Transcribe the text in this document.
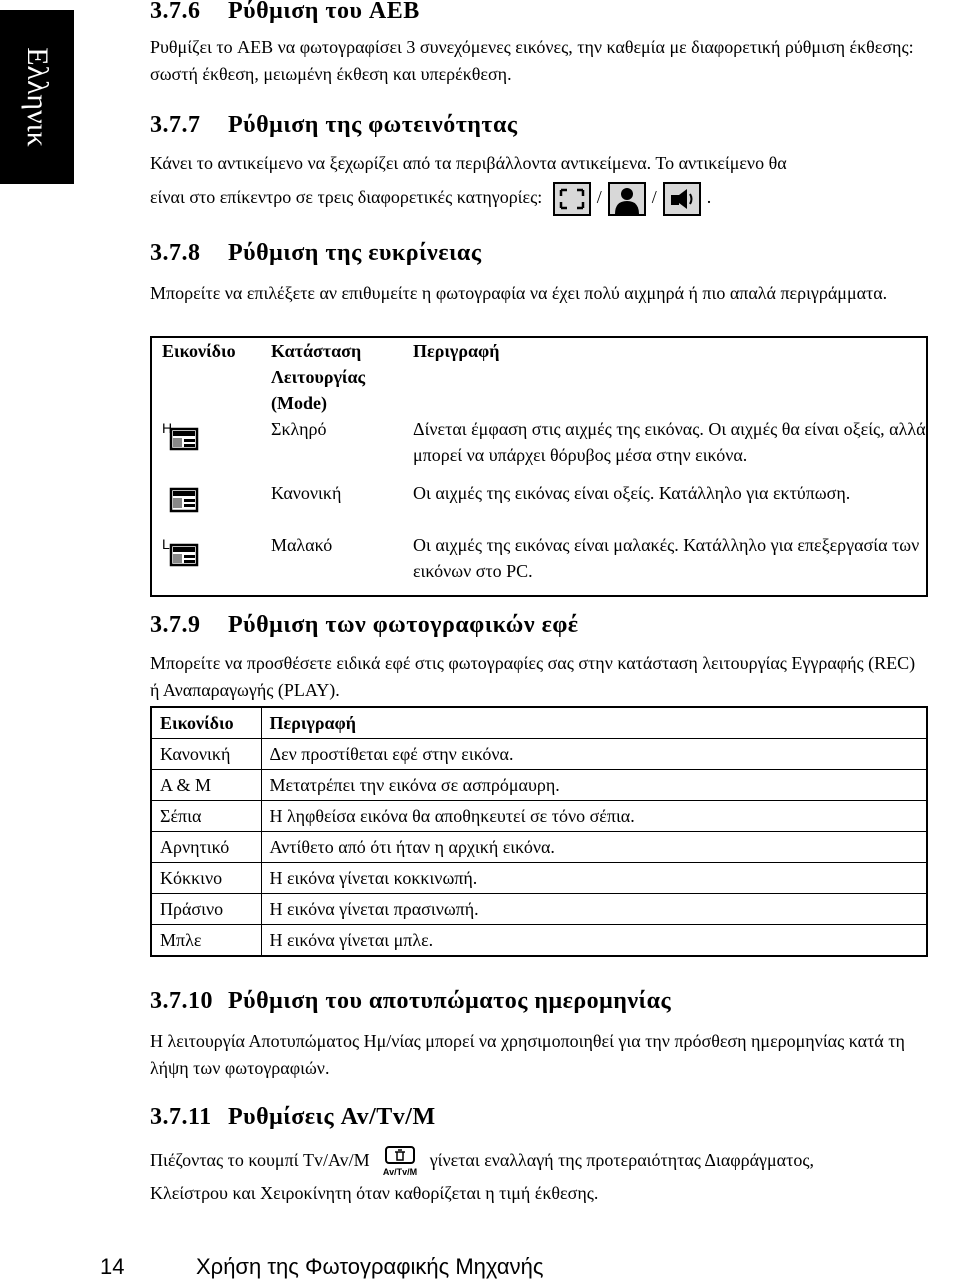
Ελληνικ
3.7.6 Ρύθμιση του AEB

Ρυθμίζει το AEB να φωτογραφίσει 3 συνεχόμενες εικόνες, την καθεμία με διαφορετική ρύθμιση έκθεσης: σωστή έκθεση, μειωμένη έκθεση και υπερέκθεση.

3.7.7 Ρύθμιση της φωτεινότητας

Κάνει το αντικείμενο να ξεχωρίζει από τα περιβάλλοντα αντικείμενα. Το αντικείμενο θα

είναι στο επίκεντρο σε τρεις διαφορετικές κατηγορίες:	/	/	.

3.7.8 Ρύθμιση της ευκρίνειας

Μπορείτε να επιλέξετε αν επιθυμείτε η φωτογραφία να έχει πολύ αιχμηρά ή πιο απαλά περιγράμματα.

Εικονίδιο	Κατάσταση Λειτουργίας (Mode)	Περιγραφή

H	Σκληρό	Δίνεται έμφαση στις αιχμές της εικόνας. Οι αιχμές θα είναι οξείς, αλλά μπορεί να υπάρχει θόρυβος μέσα στην εικόνα.
	Κανονική	Οι αιχμές της εικόνας είναι οξείς. Κατάλληλο για εκτύπωση.

L	Μαλακό	Οι αιχμές της εικόνας είναι μαλακές. Κατάλληλο για επεξεργασία των εικόνων στο PC.
3.7.9 Ρύθμιση των φωτογραφικών εφέ

Μπορείτε να προσθέσετε ειδικά εφέ στις φωτογραφίες σας στην κατάσταση λειτουργίας Εγγραφής (REC) ή Αναπαραγωγής (PLAY).

Εικονίδιο	Περιγραφή
Κανονική	Δεν προστίθεται εφέ στην εικόνα.
Α & Μ	Μετατρέπει την εικόνα σε ασπρόμαυρη.
Σέπια	Η ληφθείσα εικόνα θα αποθηκευτεί σε τόνο σέπια.
Αρνητικό	Αντίθετο από ότι ήταν η αρχική εικόνα.
Κόκκινο	Η εικόνα γίνεται κοκκινωπή.
Πράσινο	Η εικόνα γίνεται πρασινωπή.
Μπλε	Η εικόνα γίνεται μπλε.
3.7.10 Ρύθμιση του αποτυπώματος ημερομηνίας

Η λειτουργία Αποτυπώματος Ημ/νίας μπορεί να χρησιμοποιηθεί για την πρόσθεση ημερομηνίας κατά τη λήψη των φωτογραφιών.

3.7.11 Ρυθμίσεις Av/Tv/M

Πιέζοντας το κουμπί Tv/Av/M
Av/Tv/M
γίνεται εναλλαγή της προτεραιότητας Διαφράγματος,

Κλείστρου και Χειροκίνητη όταν καθορίζεται η τιμή έκθεσης.

14	Χρήση της Φωτογραφικής Μηχανής
